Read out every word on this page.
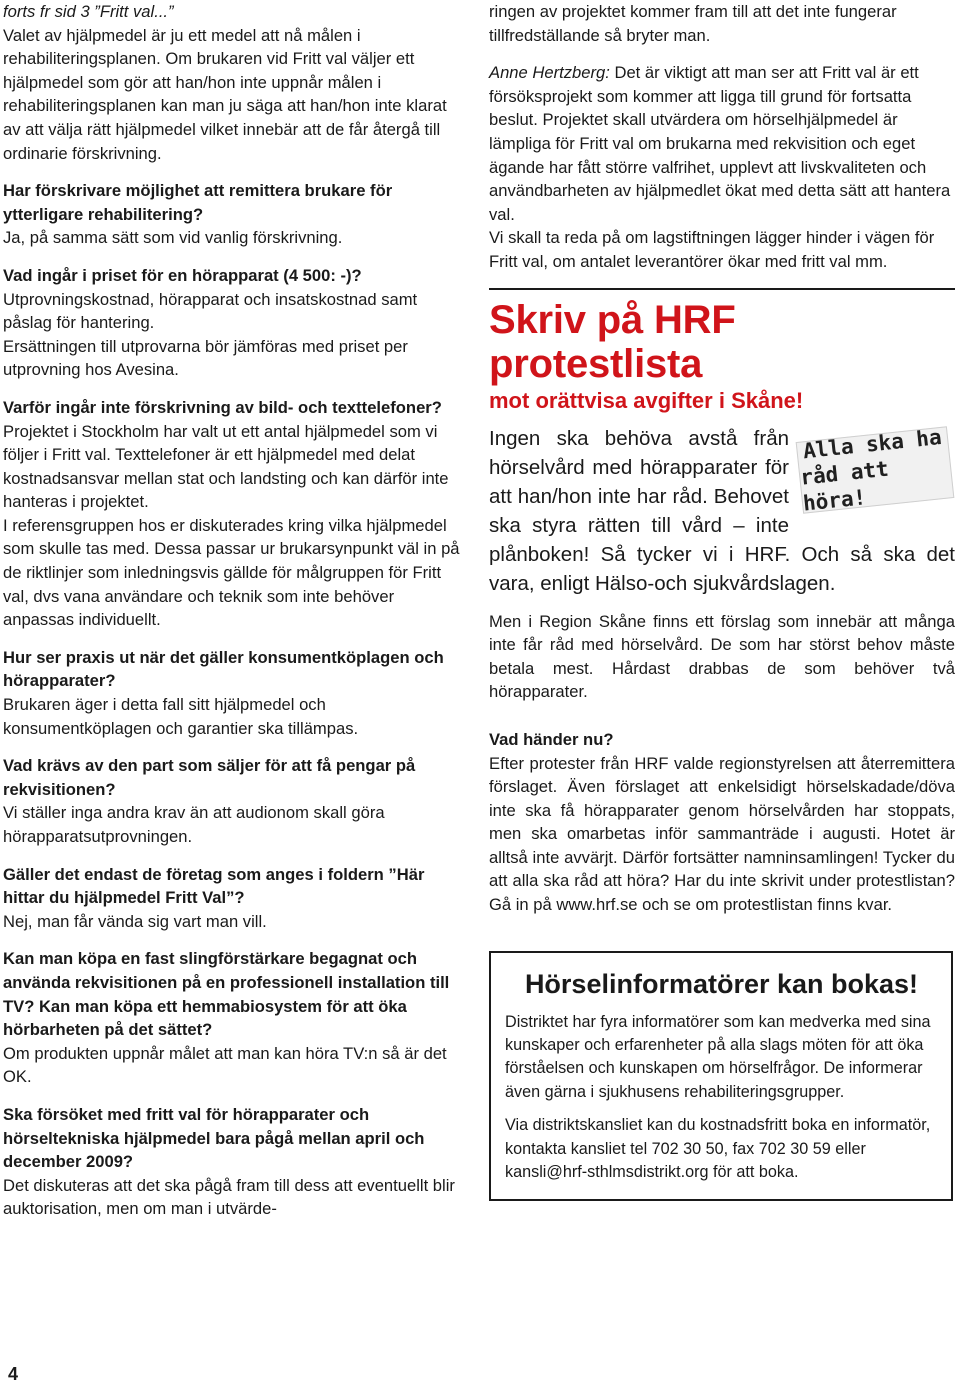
forts fr sid 3 ”Fritt val...”

Valet av hjälpmedel är ju ett medel att nå målen i rehabiliteringsplanen. Om brukaren vid Fritt val väljer ett hjälpmedel som gör att han/hon inte uppnår målen i rehabiliteringsplanen kan man ju säga att han/hon inte klarat av att välja rätt hjälpmedel vilket innebär att de får återgå till ordinarie förskrivning.

Har förskrivare möjlighet att remittera brukare för ytterligare rehabilitering?

Ja, på samma sätt som vid vanlig förskrivning.

Vad ingår i priset för en hörapparat (4 500: -)?

Utprovningskostnad, hörapparat och insatskostnad samt påslag för hantering.

Ersättningen till utprovarna bör jämföras med priset per utprovning hos Avesina.

Varför ingår inte förskrivning av bild- och texttelefoner?

Projektet i Stockholm har valt ut ett antal hjälpmedel som vi följer i Fritt val. Texttelefoner är ett hjälpmedel med delat kostnadsansvar mellan stat och landsting och kan därför inte hanteras i projektet.

I referensgruppen hos er diskuterades kring vilka hjälpmedel som skulle tas med. Dessa passar ur brukarsynpunkt väl in på de riktlinjer som inledningsvis gällde för målgruppen för Fritt val, dvs vana användare och teknik som inte behöver anpassas individuellt.

Hur ser praxis ut när det gäller konsumentköplagen och hörapparater?

Brukaren äger i detta fall sitt hjälpmedel och konsumentköplagen och garantier ska tillämpas.

Vad krävs av den part som säljer för att få pengar på rekvisitionen?

Vi ställer inga andra krav än att audionom skall göra hörapparatsutprovningen.

Gäller det endast de företag som anges i foldern ”Här hittar du hjälpmedel Fritt Val”?

Nej, man får vända sig vart man vill.

Kan man köpa en fast slingförstärkare begagnat och använda rekvisitionen på en professionell installation till TV? Kan man köpa ett hemmabiosystem för att öka hörbarheten på det sättet?

Om produkten uppnår målet att man kan höra TV:n så är det OK.

Ska försöket med fritt val för hörapparater och hörseltekniska hjälpmedel bara pågå mellan april och december 2009?

Det diskuteras att det ska pågå fram till dess att eventuellt blir auktorisation, men om man i utvärde-

ringen av projektet kommer fram till att det inte fungerar tillfredställande så bryter man.

Anne Hertzberg: Det är viktigt att man ser att Fritt val är ett försöksprojekt som kommer att ligga till grund för fortsatta beslut. Projektet skall utvärdera om hörselhjälpmedel är lämpliga för Fritt val om brukarna med rekvisition och eget ägande har fått större valfrihet, upplevt att livskvaliteten och användbarheten av hjälpmedlet ökat med detta sätt att hantera val.

Vi skall ta reda på om lagstiftningen lägger hinder i vägen för Fritt val, om antalet leverantörer ökar med fritt val mm.

Skriv på HRF protestlista
mot orättvisa avgifter i Skåne!
Alla ska ha
råd att höra!

Ingen ska behöva avstå från hörselvård med hörapparater för att han/hon inte har råd. Behovet ska styra rätten till vård – inte plånboken! Så tycker vi i HRF. Och så ska det vara, enligt Hälso-och sjukvårdslagen.

Men i Region Skåne finns ett förslag som innebär att många inte får råd med hörselvård. De som har störst behov måste betala mest. Hårdast drabbas de som behöver två hörapparater.

Vad händer nu?

Efter protester från HRF valde regionstyrelsen att återremittera förslaget. Även förslaget att enkelsidigt hörselskadade/döva inte ska få hörapparater genom hörselvården har stoppats, men ska omarbetas inför sammanträde i augusti. Hotet är alltså inte avvärjt. Därför fortsätter namninsamlingen! Tycker du att alla ska råd att höra? Har du inte skrivit under protestlistan? Gå in på www.hrf.se och se om protestlistan finns kvar.

Hörselinformatörer kan bokas!

Distriktet har fyra informatörer som kan medverka med sina kunskaper och erfarenheter på alla slags möten för att öka förståelsen och kunskapen om hörselfrågor. De informerar även gärna i sjukhusens rehabiliteringsgrupper.

Via distriktskansliet kan du kostnadsfritt boka en informatör, kontakta kansliet tel 702 30 50, fax 702 30 59 eller kansli@hrf-sthlmsdistrikt.org för att boka.

4
